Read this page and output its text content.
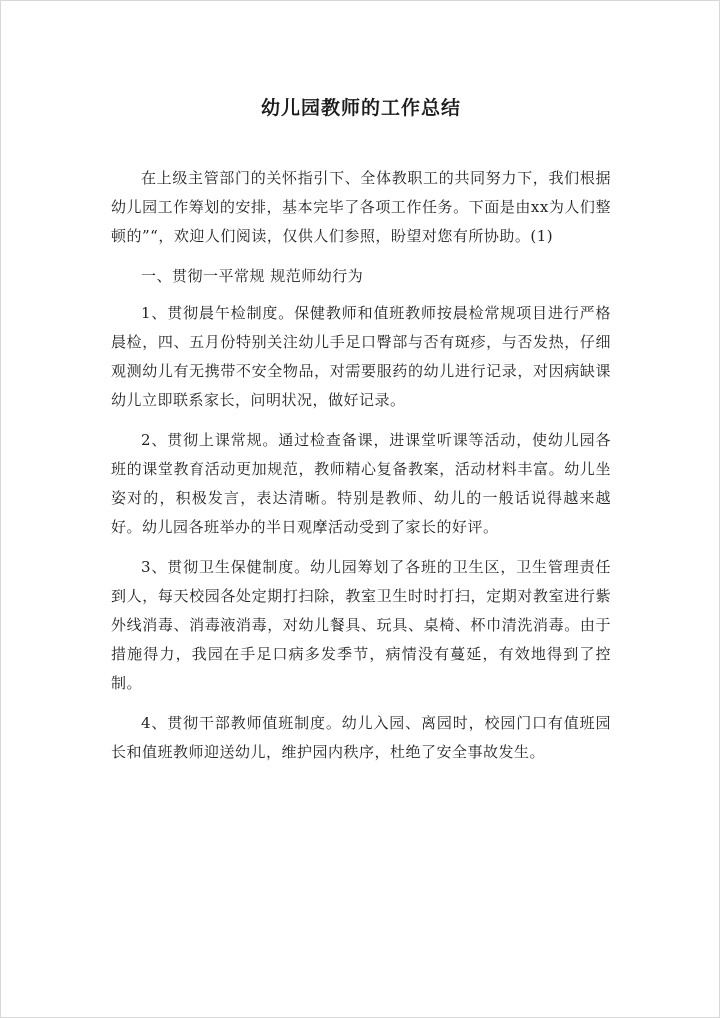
幼儿园教师的工作总结

在上级主管部门的关怀指引下、全体教职工的共同努力下，我们根据幼儿园工作筹划的安排，基本完毕了各项工作任务。下面是由xx为人们整顿的”“，欢迎人们阅读，仅供人们参照，盼望对您有所协助。(1)

一、贯彻一平常规 规范师幼行为

1、贯彻晨午检制度。保健教师和值班教师按晨检常规项目进行严格晨检，四、五月份特别关注幼儿手足口臀部与否有斑疹，与否发热，仔细观测幼儿有无携带不安全物品，对需要服药的幼儿进行记录，对因病缺课幼儿立即联系家长，问明状况，做好记录。

2、贯彻上课常规。通过检查备课，进课堂听课等活动，使幼儿园各班的课堂教育活动更加规范，教师精心复备教案，活动材料丰富。幼儿坐姿对的，积极发言，表达清晰。特别是教师、幼儿的一般话说得越来越好。幼儿园各班举办的半日观摩活动受到了家长的好评。

3、贯彻卫生保健制度。幼儿园筹划了各班的卫生区，卫生管理责任到人，每天校园各处定期打扫除，教室卫生时时打扫，定期对教室进行紫外线消毒、消毒液消毒，对幼儿餐具、玩具、桌椅、杯巾清洗消毒。由于措施得力，我园在手足口病多发季节，病情没有蔓延，有效地得到了控制。

4、贯彻干部教师值班制度。幼儿入园、离园时，校园门口有值班园长和值班教师迎送幼儿，维护园内秩序，杜绝了安全事故发生。
